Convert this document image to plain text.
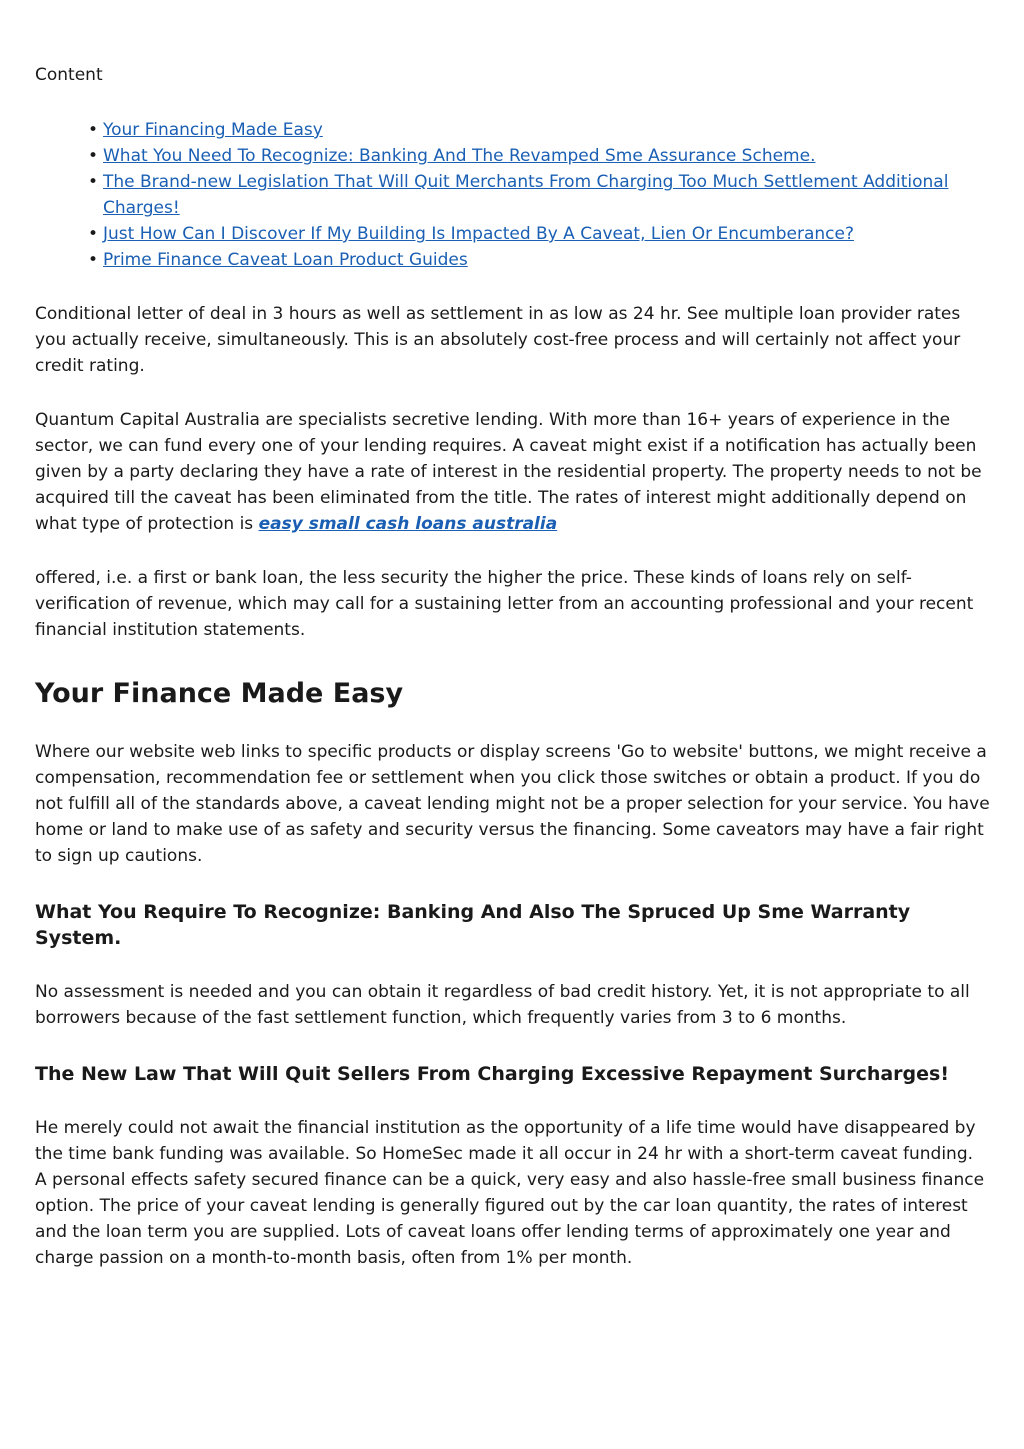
Content

• Your Financing Made Easy
• What You Need To Recognize: Banking And The Revamped Sme Assurance Scheme.
• The Brand-new Legislation That Will Quit Merchants From Charging Too Much Settlement Additional Charges!
• Just How Can I Discover If My Building Is Impacted By A Caveat, Lien Or Encumberance?
• Prime Finance Caveat Loan Product Guides

Conditional letter of deal in 3 hours as well as settlement in as low as 24 hr. See multiple loan provider rates you actually receive, simultaneously. This is an absolutely cost-free process and will certainly not affect your credit rating.

Quantum Capital Australia are specialists secretive lending. With more than 16+ years of experience in the sector, we can fund every one of your lending requires. A caveat might exist if a notification has actually been given by a party declaring they have a rate of interest in the residential property. The property needs to not be acquired till the caveat has been eliminated from the title. The rates of interest might additionally depend on what type of protection is easy small cash loans australia

offered, i.e. a first or bank loan, the less security the higher the price. These kinds of loans rely on self-verification of revenue, which may call for a sustaining letter from an accounting professional and your recent financial institution statements.

Your Finance Made Easy

Where our website web links to specific products or display screens 'Go to website' buttons, we might receive a compensation, recommendation fee or settlement when you click those switches or obtain a product. If you do not fulfill all of the standards above, a caveat lending might not be a proper selection for your service. You have home or land to make use of as safety and security versus the financing. Some caveators may have a fair right to sign up cautions.

What You Require To Recognize: Banking And Also The Spruced Up Sme Warranty System.

No assessment is needed and you can obtain it regardless of bad credit history. Yet, it is not appropriate to all borrowers because of the fast settlement function, which frequently varies from 3 to 6 months.

The New Law That Will Quit Sellers From Charging Excessive Repayment Surcharges!

He merely could not await the financial institution as the opportunity of a life time would have disappeared by the time bank funding was available. So HomeSec made it all occur in 24 hr with a short-term caveat funding. A personal effects safety secured finance can be a quick, very easy and also hassle-free small business finance option. The price of your caveat lending is generally figured out by the car loan quantity, the rates of interest and the loan term you are supplied. Lots of caveat loans offer lending terms of approximately one year and charge passion on a month-to-month basis, often from 1% per month.
